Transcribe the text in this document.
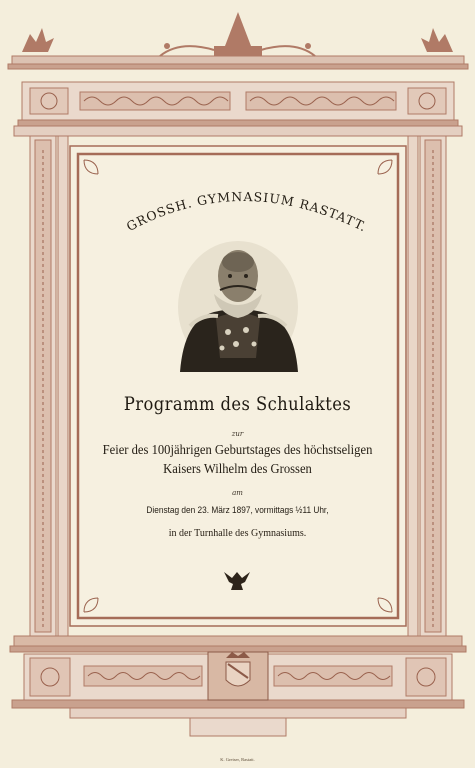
GROSSH. GYMNASIUM RASTATT.
Programm des Schulaktes
zur
Feier des 100jährigen Geburtstages des höchstseligen
Kaisers Wilhelm des Grossen
am
Dienstag den 23. März 1897, vormittags ½11 Uhr,
in der Turnhalle des Gymnasiums.
K. Greiser, Rastatt.
